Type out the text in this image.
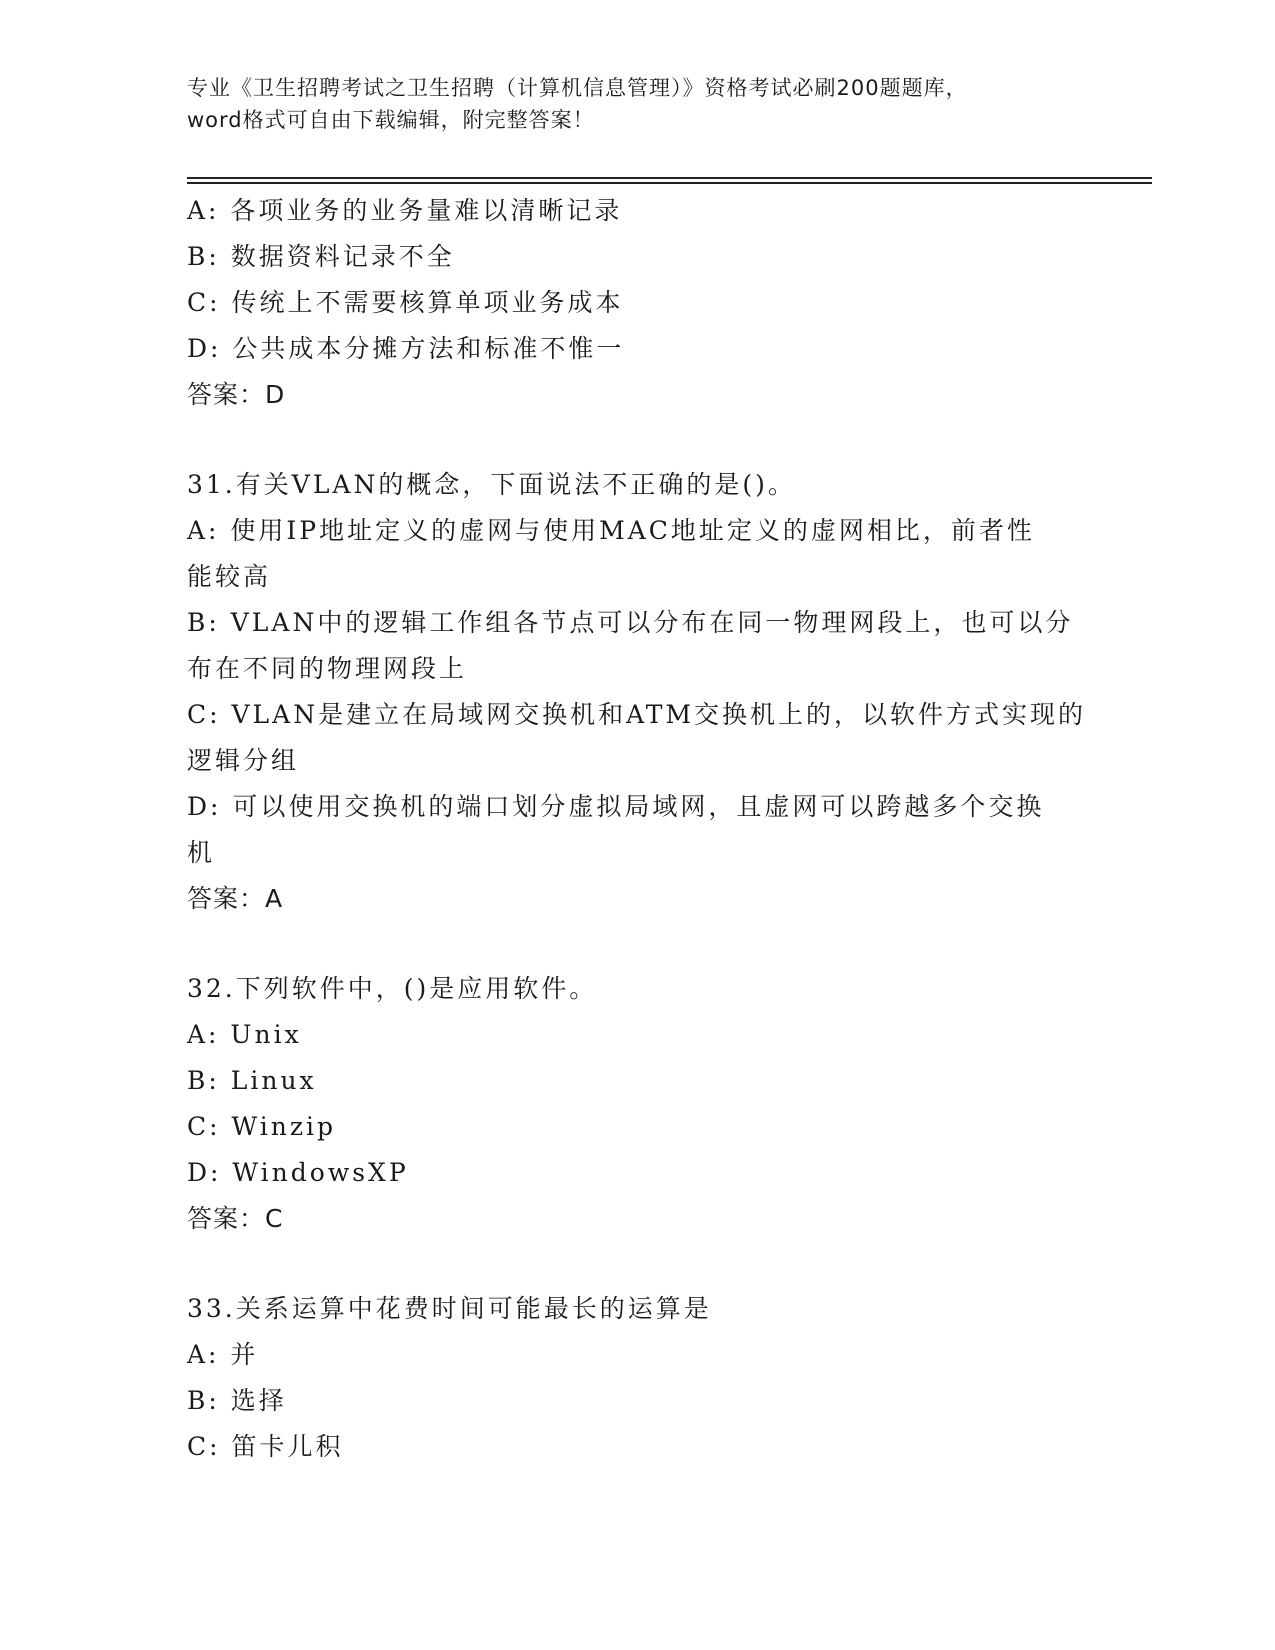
专业《卫生招聘考试之卫生招聘（计算机信息管理）》资格考试必刷200题题库，
word格式可自由下载编辑，附完整答案！
A: 各项业务的业务量难以清晰记录
B: 数据资料记录不全
C: 传统上不需要核算单项业务成本
D: 公共成本分摊方法和标准不惟一
答案：D
31.有关VLAN的概念，下面说法不正确的是()。
A: 使用IP地址定义的虚网与使用MAC地址定义的虚网相比，前者性
能较高
B: VLAN中的逻辑工作组各节点可以分布在同一物理网段上，也可以分
布在不同的物理网段上
C: VLAN是建立在局域网交换机和ATM交换机上的，以软件方式实现的
逻辑分组
D: 可以使用交换机的端口划分虚拟局域网，且虚网可以跨越多个交换
机
答案：A
32.下列软件中，()是应用软件。
A: Unix
B: Linux
C: Winzip
D: WindowsXP
答案：C
33.关系运算中花费时间可能最长的运算是
A: 并
B: 选择
C: 笛卡儿积
